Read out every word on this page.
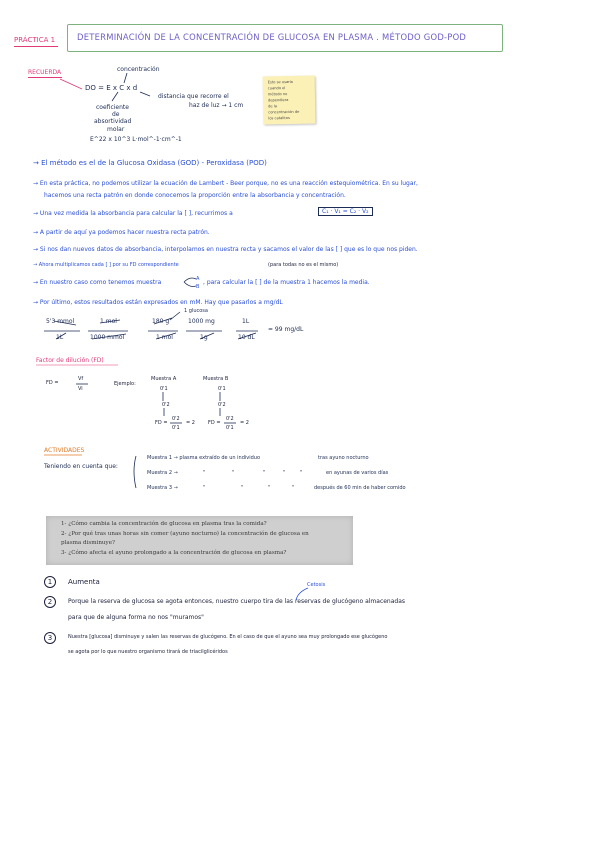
PRÁCTICA 1	DETERMINACIÓN DE LA CONCENTRACIÓN DE GLUCOSA EN PLASMA . MÉTODO GOD-POD
RECUERDA	concentración
DO = E x C x d
distancia que recorre el
haz de luz → 1 cm
coeficiente
de
absortividad
molar
E^22 x 10^3 L·mol^-1·cm^-1
Esto se usaría
cuando el
método no
dependiera
de la
concentración de
los catalitos
→ El método es el de la Glucosa Oxidasa (GOD) - Peroxidasa (POD)
→ En esta práctica, no podemos utilizar la ecuación de Lambert - Beer porque, no es una reacción estequiométrica. En su lugar,
hacemos una recta patrón en donde conocemos la proporción entre la absorbancia y concentración.
→ Una vez medida la absorbancia para calcular la [ ], recurrimos a	C₁ · V₁ = C₂ · V₂
→ A partir de aquí ya podemos hacer nuestra recta patrón.
→ Si nos dan nuevos datos de absorbancia, interpolamos en nuestra recta y sacamos el valor de las [ ] que es lo que nos piden.
→ Ahora multiplicamos cada [ ] por su FD correspondiente	(para todas no es el mismo)
→ En nuestro caso como tenemos muestra	A
B
, para calcular la [ ] de la muestra 1 hacemos la media.
→ Por último, estos resultados están expresados en mM. Hay que pasarlos a mg/dL
1 glucosa
5'3 mmol
1L
1 mol
1000 mmol
180 g
1 mol
1000 mg
1g
1L
10 dL
= 99 mg/dL
Factor de dilución (FD)
FD =
Vf
Vi
Ejemplo:
Muestra A	Muestra B
0'1	0'1
0'2	0'2
FD =
0'2
0'1
= 2	FD =
0'2
0'1
= 2
ACTIVIDADES
Teniendo en cuenta que:
Muestra 1 → plasma extraído de un individuo	tras ayuno nocturno
Muestra 2 →	"	"	"	"	"	en ayunas de varios días
Muestra 3 →	"	"	"	"	después de 60 min de haber comido
1- ¿Cómo cambia la concentración de glucosa en plasma tras la comida?
2- ¿Por qué tras unas horas sin comer (ayuno nocturno) la concentración de glucosa en
plasma disminuye?
3- ¿Cómo afecta el ayuno prolongado a la concentración de glucosa en plasma?
1	Aumenta	Cetosis
2	Porque la reserva de glucosa se agota entonces, nuestro cuerpo tira de las reservas de glucógeno almacenadas
para que de alguna forma no nos "muramos"
3	Nuestra [glucosa] disminuye y salen las reservas de glucógeno. En el caso de que el ayuno sea muy prolongado ese glucógeno
se agota por lo que nuestro organismo tirará de triacilglicéridos
